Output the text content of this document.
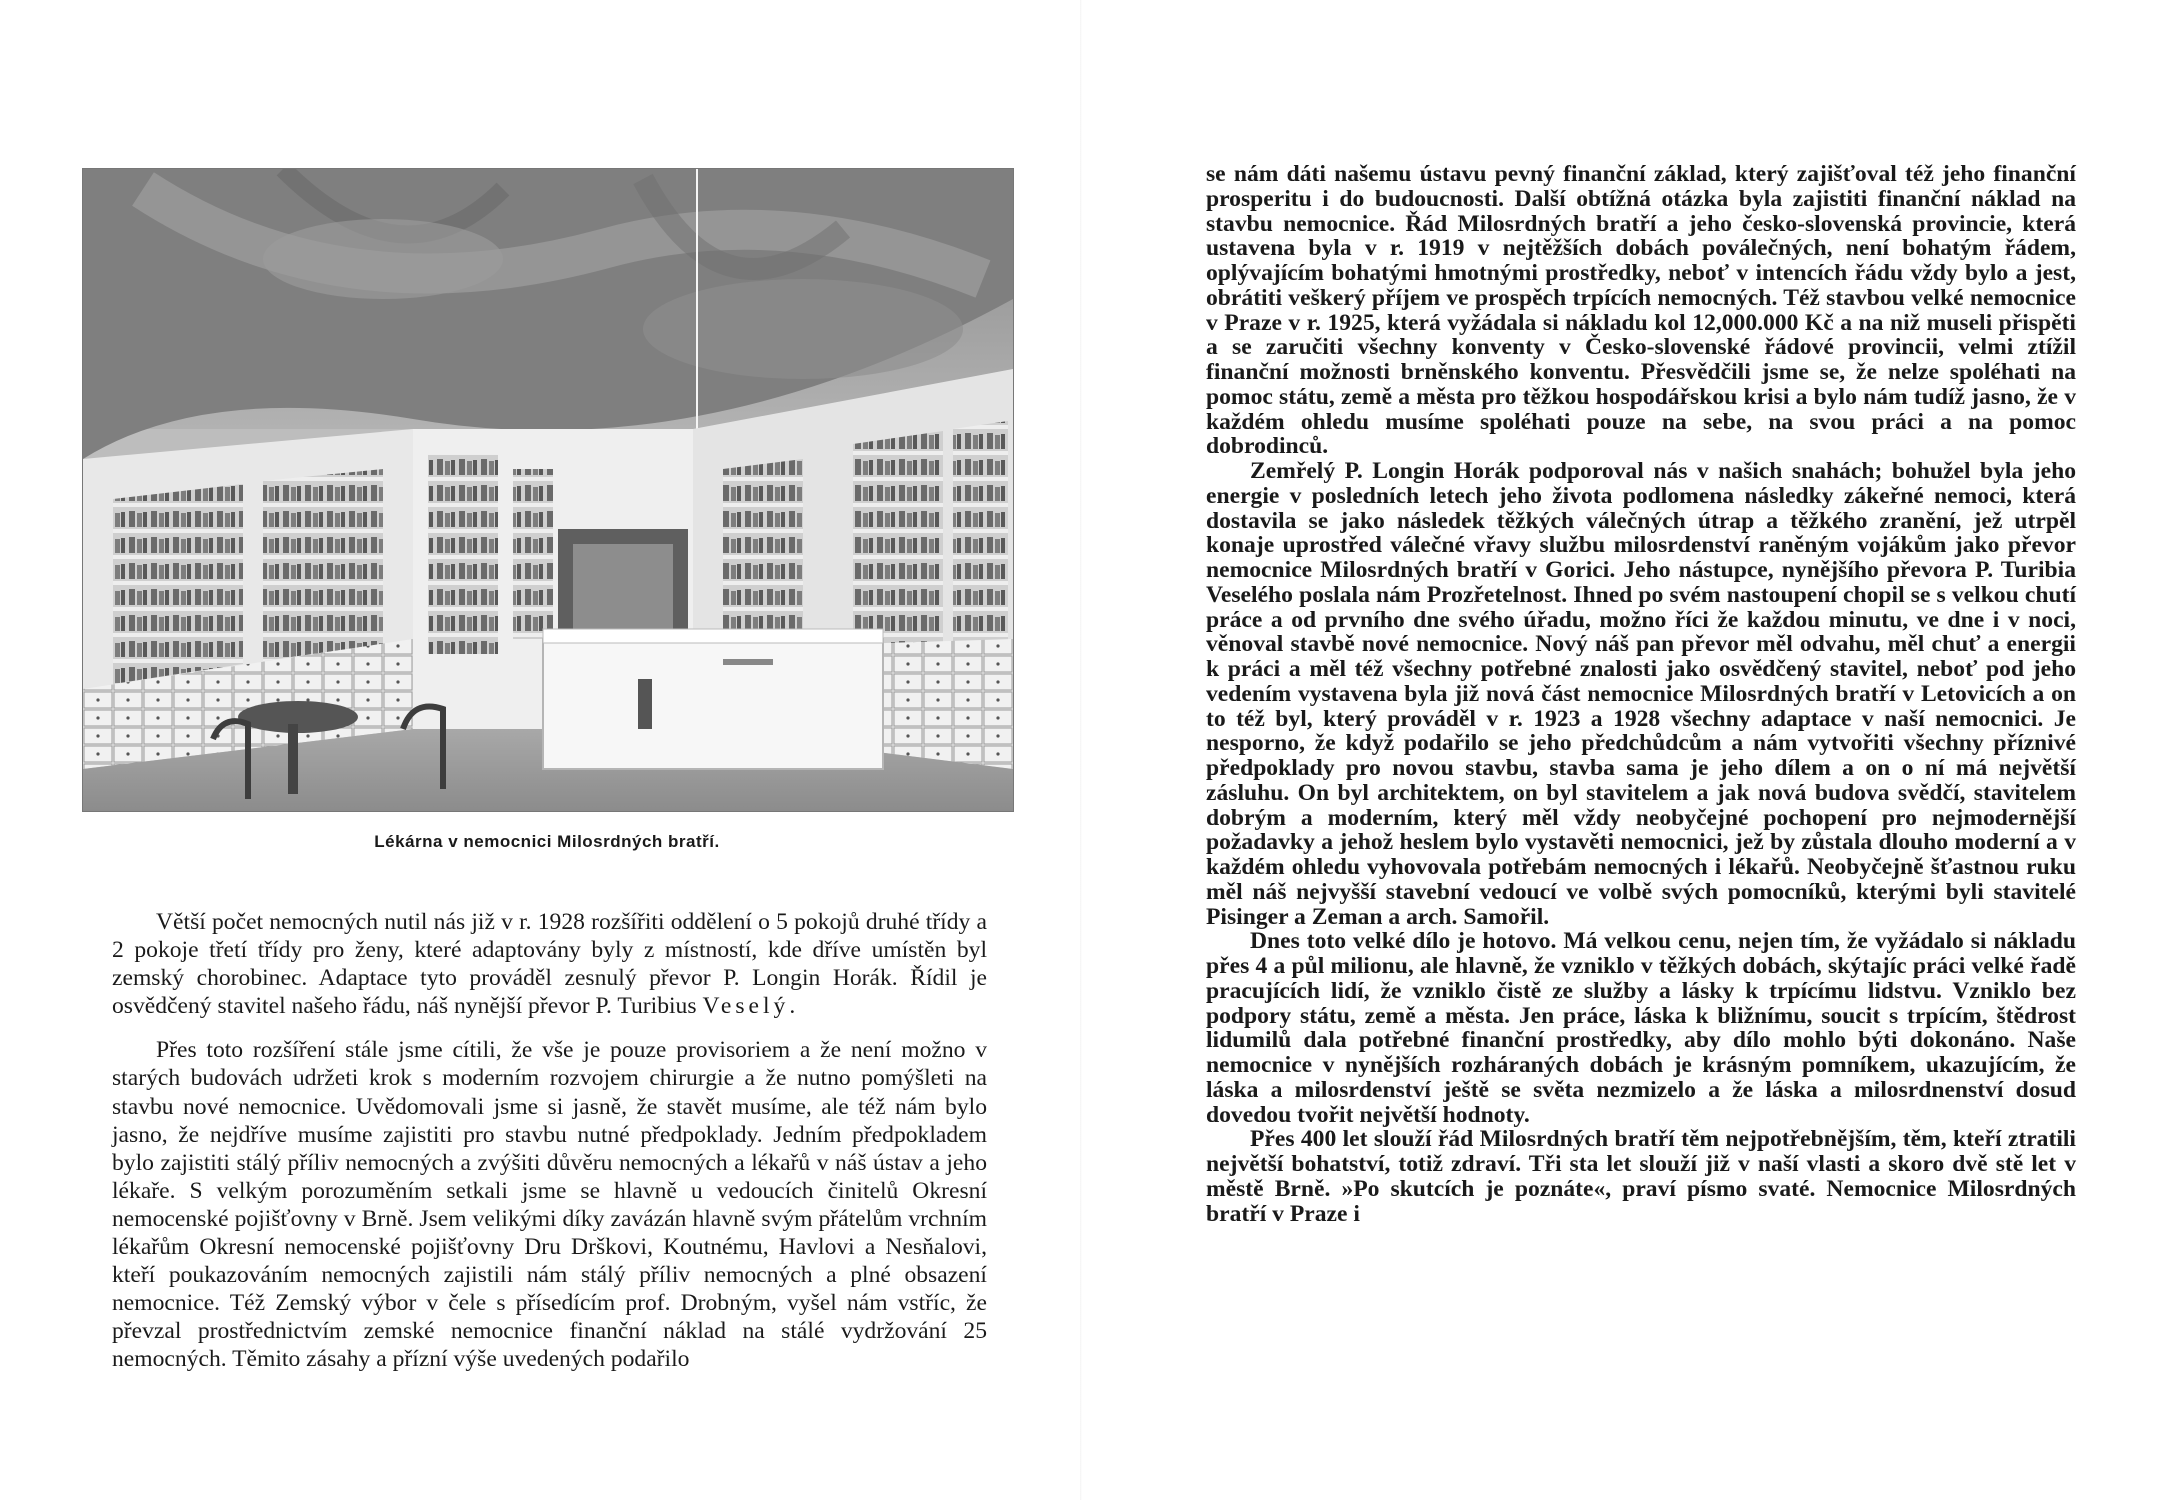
Lékárna v nemocnici Milosrdných bratří.

Větší počet nemocných nutil nás již v r. 1928 rozšířiti oddělení o 5 pokojů druhé třídy a 2 pokoje třetí třídy pro ženy, které adaptovány byly z místností, kde dříve umístěn byl zemský chorobinec. Adaptace tyto prováděl zesnulý převor P. Longin Horák. Řídil je osvědčený stavitel našeho řádu, náš nynější převor P. Turibius Veselý.

Přes toto rozšíření stále jsme cítili, že vše je pouze provisoriem a že není možno v starých budovách udržeti krok s moderním rozvojem chirurgie a že nutno pomýšleti na stavbu nové nemocnice. Uvědomovali jsme si jasně, že stavět musíme, ale též nám bylo jasno, že nejdříve musíme zajistiti pro stavbu nutné předpoklady. Jedním předpokladem bylo zajistiti stálý příliv nemocných a zvýšiti důvěru nemocných a lékařů v náš ústav a jeho lékaře. S velkým porozuměním setkali jsme se hlavně u vedoucích činitelů Okresní nemocenské pojišťovny v Brně. Jsem velikými díky zavázán hlavně svým přátelům vrchním lékařům Okresní nemocenské pojišťovny Dru Drškovi, Koutnému, Havlovi a Nesňalovi, kteří poukazováním nemocných zajistili nám stálý příliv nemocných a plné obsazení nemocnice. Též Zemský výbor v čele s přísedícím prof. Drobným, vyšel nám vstříc, že převzal prostřednictvím zemské nemocnice finanční náklad na stálé vydržování 25 nemocných. Těmito zásahy a přízní výše uvedených podařilo

se nám dáti našemu ústavu pevný finanční základ, který zajišťoval též jeho finanční prosperitu i do budoucnosti. Další obtížná otázka byla zajistiti finanční náklad na stavbu nemocnice. Řád Milosrdných bratří a jeho česko-slovenská provincie, která ustavena byla v r. 1919 v nejtěžších dobách poválečných, není bohatým řádem, oplývajícím bohatými hmotnými prostředky, neboť v intencích řádu vždy bylo a jest, obrátiti veškerý příjem ve prospěch trpících nemocných. Též stavbou velké nemocnice v Praze v r. 1925, která vyžádala si nákladu kol 12,000.000 Kč a na niž museli přispěti a se zaručiti všechny konventy v Česko-slovenské řádové provincii, velmi ztížil finanční možnosti brněnského konventu. Přesvědčili jsme se, že nelze spoléhati na pomoc státu, země a města pro těžkou hospodářskou krisi a bylo nám tudíž jasno, že v každém ohledu musíme spoléhati pouze na sebe, na svou práci a na pomoc dobrodinců.

Zemřelý P. Longin Horák podporoval nás v našich snahách; bohužel byla jeho energie v posledních letech jeho života podlomena následky zákeřné nemoci, která dostavila se jako následek těžkých válečných útrap a těžkého zranění, jež utrpěl konaje uprostřed válečné vřavy službu milosrdenství raněným vojákům jako převor nemocnice Milosrdných bratří v Gorici. Jeho nástupce, nynějšího převora P. Turibia Veselého poslala nám Prozřetelnost. Ihned po svém nastoupení chopil se s velkou chutí práce a od prvního dne svého úřadu, možno říci že každou minutu, ve dne i v noci, věnoval stavbě nové nemocnice. Nový náš pan převor měl odvahu, měl chuť a energii k práci a měl též všechny potřebné znalosti jako osvědčený stavitel, neboť pod jeho vedením vystavena byla již nová část nemocnice Milosrdných bratří v Letovicích a on to též byl, který prováděl v r. 1923 a 1928 všechny adaptace v naší nemocnici. Je nesporno, že když podařilo se jeho předchůdcům a nám vytvořiti všechny příznivé předpoklady pro novou stavbu, stavba sama je jeho dílem a on o ní má největší zásluhu. On byl architektem, on byl stavitelem a jak nová budova svědčí, stavitelem dobrým a moderním, který měl vždy neobyčejné pochopení pro nejmodernější požadavky a jehož heslem bylo vystavěti nemocnici, jež by zůstala dlouho moderní a v každém ohledu vyhovovala potřebám nemocných i lékařů. Neobyčejně šťastnou ruku měl náš nejvyšší stavební vedoucí ve volbě svých pomocníků, kterými byli stavitelé Pisinger a Zeman a arch. Samořil.

Dnes toto velké dílo je hotovo. Má velkou cenu, nejen tím, že vyžádalo si nákladu přes 4 a půl milionu, ale hlavně, že vzniklo v těžkých dobách, skýtajíc práci velké řadě pracujících lidí, že vzniklo čistě ze služby a lásky k trpícímu lidstvu. Vzniklo bez podpory státu, země a města. Jen práce, láska k bližnímu, soucit s trpícím, štědrost lidumilů dala potřebné finanční prostředky, aby dílo mohlo býti dokonáno. Naše nemocnice v nynějších rozháraných dobách je krásným pomníkem, ukazujícím, že láska a milosrdenství ještě se světa nezmizelo a že láska a milosrdnenství dosud dovedou tvořit největší hodnoty.

Přes 400 let slouží řád Milosrdných bratří těm nejpotřebnějším, těm, kteří ztratili největší bohatství, totiž zdraví. Tři sta let slouží již v naší vlasti a skoro dvě stě let v městě Brně. »Po skutcích je poznáte«, praví písmo svaté. Nemocnice Milosrdných bratří v Praze i
